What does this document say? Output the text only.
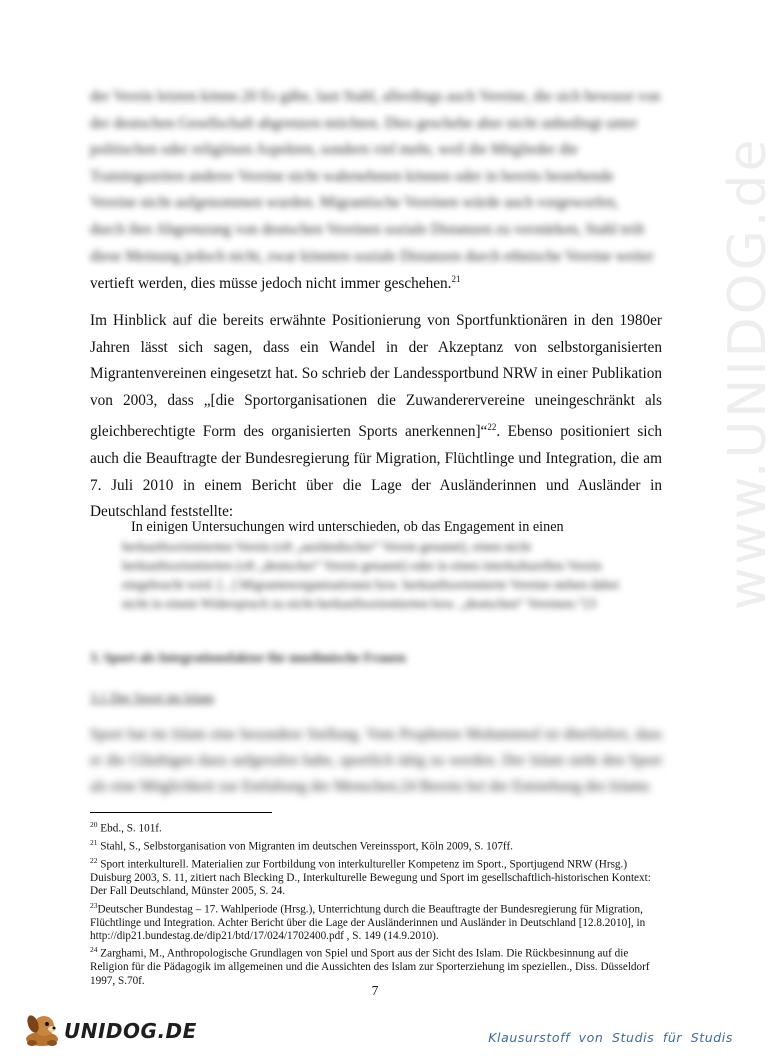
www.UNIDOG.de
der Verein leisten könne.20 Es gäbe, laut Stahl, allerdings auch Vereine, die sich bewusst von
der deutschen Gesellschaft abgrenzen möchten. Dies geschehe aber nicht unbedingt unter
politischen oder religiösen Aspekten, sondern viel mehr, weil die Mitglieder die
Trainingszeiten anderer Vereine nicht wahrnehmen können oder in bereits bestehende
Vereine nicht aufgenommen wurden. Migrantische Vereinen würde auch vorgeworfen,
durch ihre Abgrenzung von deutschen Vereinen soziale Distanzen zu verstärken, Stahl teilt
diese Meinung jedoch nicht, zwar könnten soziale Distanzen durch ethnische Vereine weiter
vertieft werden, dies müsse jedoch nicht immer geschehen.$^{21}$

Im Hinblick auf die bereits erwähnte Positionierung von Sportfunktionären in den 1980er Jahren lässt sich sagen, dass ein Wandel in der Akzeptanz von selbstorganisierten Migrantenvereinen eingesetzt hat. So schrieb der Landessportbund NRW in einer Publikation von 2003, dass „[die Sportorganisationen die Zuwanderervereine uneingeschränkt als gleichberechtigte Form des organisierten Sports anerkennen]“$^{22}$. Ebenso positioniert sich auch die Beauftragte der Bundesregierung für Migration, Flüchtlinge und Integration, die am 7. Juli 2010 in einem Bericht über die Lage der Ausländerinnen und Ausländer in Deutschland feststellte:

In einigen Untersuchungen wird unterschieden, ob das Engagement in einen
herkunftsorientierten Verein (oft „ausländischer“ Verein genannt), einen nicht herkunftsorientierten (oft „deutscher“ Verein genannt) oder in einen interkulturellen Verein eingebracht wird. [...] Migrantenorganisationen bzw. herkunftsorientierte Vereine stehen dabei nicht in einem Widerspruch zu nicht-herkunftsorientierten bzw. „deutschen“ Vereinen.“23
3. Sport als Integrationsfaktor für muslimische Frauen
3.1 Der Sport im Islam
Sport hat im Islam eine besondere Stellung. Vom Propheten Mohammed ist überliefert, dass er die Gläubigen dazu aufgerufen habe, sportlich tätig zu werden. Der Islam sieht den Sport als eine Möglichkeit zur Entfaltung der Menschen.24 Bereits bei der Entstehung des Islams

$^{20}$ Ebd., S. 101f.

$^{21}$ Stahl, S., Selbstorganisation von Migranten im deutschen Vereinssport, Köln 2009, S. 107ff.

$^{22}$ Sport interkulturell. Materialien zur Fortbildung von interkultureller Kompetenz im Sport., Sportjugend NRW (Hrsg.) Duisburg 2003, S. 11, zitiert nach Blecking D., Interkulturelle Bewegung und Sport im gesellschaftlich-historischen Kontext: Der Fall Deutschland, Münster 2005, S. 24.

$^{23}$Deutscher Bundestag – 17. Wahlperiode (Hrsg.), Unterrichtung durch die Beauftragte der Bundesregierung für Migration, Flüchtlinge und Integration. Achter Bericht über die Lage der Ausländerinnen und Ausländer in Deutschland [12.8.2010], in http://dip21.bundestag.de/dip21/btd/17/024/1702400.pdf , S. 149 (14.9.2010).

$^{24}$ Zarghami, M., Anthropologische Grundlagen von Spiel und Sport aus der Sicht des Islam. Die Rückbesinnung auf die Religion für die Pädagogik im allgemeinen und die Aussichten des Islam zur Sporterziehung im speziellen., Diss. Düsseldorf 1997, S.70f.

7
UNIDOG.DE	Klausurstoff von Studis für Studis
